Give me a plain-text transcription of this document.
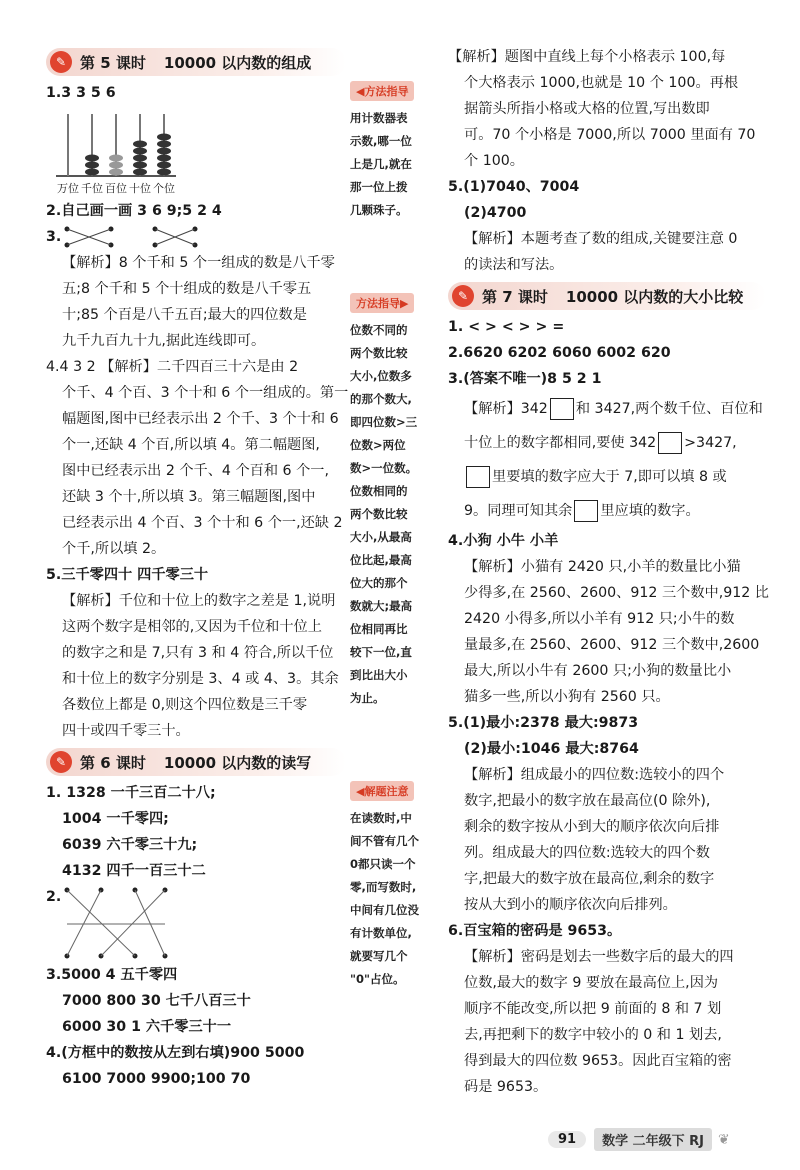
✎ 第 5 课时 10000 以内数的组成
1.3 3 5 6
万位 千位 百位 十位 个位
2.自己画一画 3 6 9;5 2 4
3.
【解析】8 个千和 5 个一组成的数是八千零
五;8 个千和 5 个十组成的数是八千零五
十;85 个百是八千五百;最大的四位数是
九千九百九十九,据此连线即可。
4.4 3 2 【解析】二千四百三十六是由 2
个千、4 个百、3 个十和 6 个一组成的。第一
幅题图,图中已经表示出 2 个千、3 个十和 6
个一,还缺 4 个百,所以填 4。第二幅题图,
图中已经表示出 2 个千、4 个百和 6 个一,
还缺 3 个十,所以填 3。第三幅题图,图中
已经表示出 4 个百、3 个十和 6 个一,还缺 2
个千,所以填 2。
5.三千零四十 四千零三十
【解析】千位和十位上的数字之差是 1,说明
这两个数字是相邻的,又因为千位和十位上
的数字之和是 7,只有 3 和 4 符合,所以千位
和十位上的数字分别是 3、4 或 4、3。其余
各数位上都是 0,则这个四位数是三千零
四十或四千零三十。
✎ 第 6 课时 10000 以内数的读写
1. 1328 一千三百二十八;
1004 一千零四;
6039 六千零三十九;
4132 四千一百三十二
2.
3.5000 4 五千零四
7000 800 30 七千八百三十
6000 30 1 六千零三十一
4.(方框中的数按从左到右填)900 5000
6100 7000 9900;100 70
◀方法指导
用计数器表
示数,哪一位
上是几,就在
那一位上拨
几颗珠子。
方法指导▶
位数不同的
两个数比较
大小,位数多
的那个数大,
即四位数>三
位数>两位
数>一位数。
位数相同的
两个数比较
大小,从最高
位比起,最高
位大的那个
数就大;最高
位相同再比
较下一位,直
到比出大小
为止。
◀解题注意
在读数时,中
间不管有几个
0都只读一个
零,而写数时,
中间有几位没
有计数单位,
就要写几个
"0"占位。
【解析】题图中直线上每个小格表示 100,每
个大格表示 1000,也就是 10 个 100。再根
据箭头所指小格或大格的位置,写出数即
可。70 个小格是 7000,所以 7000 里面有 70
个 100。
5.(1)7040、7004
(2)4700
【解析】本题考查了数的组成,关键要注意 0
的读法和写法。
✎ 第 7 课时 10000 以内数的大小比较
1. < > < > > =
2.6620 6202 6060 6002 620
3.(答案不唯一)8 5 2 1
【解析】342 和 3427,两个数千位、百位和
十位上的数字都相同,要使 342 >3427,
里要填的数字应大于 7,即可以填 8 或
9。同理可知其余 里应填的数字。
4.小狗 小牛 小羊
【解析】小猫有 2420 只,小羊的数量比小猫
少得多,在 2560、2600、912 三个数中,912 比
2420 小得多,所以小羊有 912 只;小牛的数
量最多,在 2560、2600、912 三个数中,2600
最大,所以小牛有 2600 只;小狗的数量比小
猫多一些,所以小狗有 2560 只。
5.(1)最小:2378 最大:9873
(2)最小:1046 最大:8764
【解析】组成最小的四位数:选较小的四个
数字,把最小的数字放在最高位(0 除外),
剩余的数字按从小到大的顺序依次向后排
列。组成最大的四位数:选较大的四个数
字,把最大的数字放在最高位,剩余的数字
按从大到小的顺序依次向后排列。
6.百宝箱的密码是 9653。
【解析】密码是划去一些数字后的最大的四
位数,最大的数字 9 要放在最高位上,因为
顺序不能改变,所以把 9 前面的 8 和 7 划
去,再把剩下的数字中较小的 0 和 1 划去,
得到最大的四位数 9653。因此百宝箱的密
码是 9653。
91	数学 二年级下 RJ	❦
